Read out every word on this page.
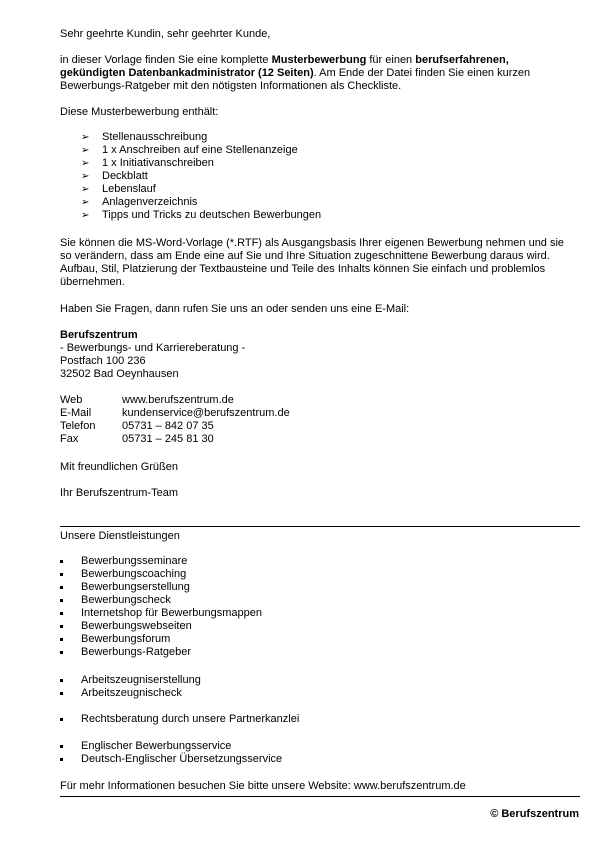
Sehr geehrte Kundin, sehr geehrter Kunde,
in dieser Vorlage finden Sie eine komplette Musterbewerbung für einen berufserfahrenen, gekündigten Datenbankadministrator (12 Seiten). Am Ende der Datei finden Sie einen kurzen Bewerbungs-Ratgeber mit den nötigsten Informationen als Checkliste.
Diese Musterbewerbung enthält:
➢ Stellenausschreibung
➢ 1 x Anschreiben auf eine Stellenanzeige
➢ 1 x Initiativanschreiben
➢ Deckblatt
➢ Lebenslauf
➢ Anlagenverzeichnis
➢ Tipps und Tricks zu deutschen Bewerbungen
Sie können die MS-Word-Vorlage (*.RTF) als Ausgangsbasis Ihrer eigenen Bewerbung nehmen und sie so verändern, dass am Ende eine auf Sie und Ihre Situation zugeschnittene Bewerbung daraus wird. Aufbau, Stil, Platzierung der Textbausteine und Teile des Inhalts können Sie einfach und problemlos übernehmen.
Haben Sie Fragen, dann rufen Sie uns an oder senden uns eine E-Mail:
Berufszentrum
- Bewerbungs- und Karriereberatung -
Postfach 100 236
32502 Bad Oeynhausen
Web	www.berufszentrum.de
E-Mail	kundenservice@berufszentrum.de
Telefon 05731 – 842 07 35
Fax	05731 – 245 81 30
Mit freundlichen Grüßen
Ihr Berufszentrum-Team
Unsere Dienstleistungen
Bewerbungsseminare
Bewerbungscoaching
Bewerbungserstellung
Bewerbungscheck
Internetshop für Bewerbungsmappen
Bewerbungswebseiten
Bewerbungsforum
Bewerbungs-Ratgeber
Arbeitszeugniserstellung
Arbeitszeugnischeck
Rechtsberatung durch unsere Partnerkanzlei
Englischer Bewerbungsservice
Deutsch-Englischer Übersetzungsservice
Für mehr Informationen besuchen Sie bitte unsere Website: www.berufszentrum.de
© Berufszentrum
